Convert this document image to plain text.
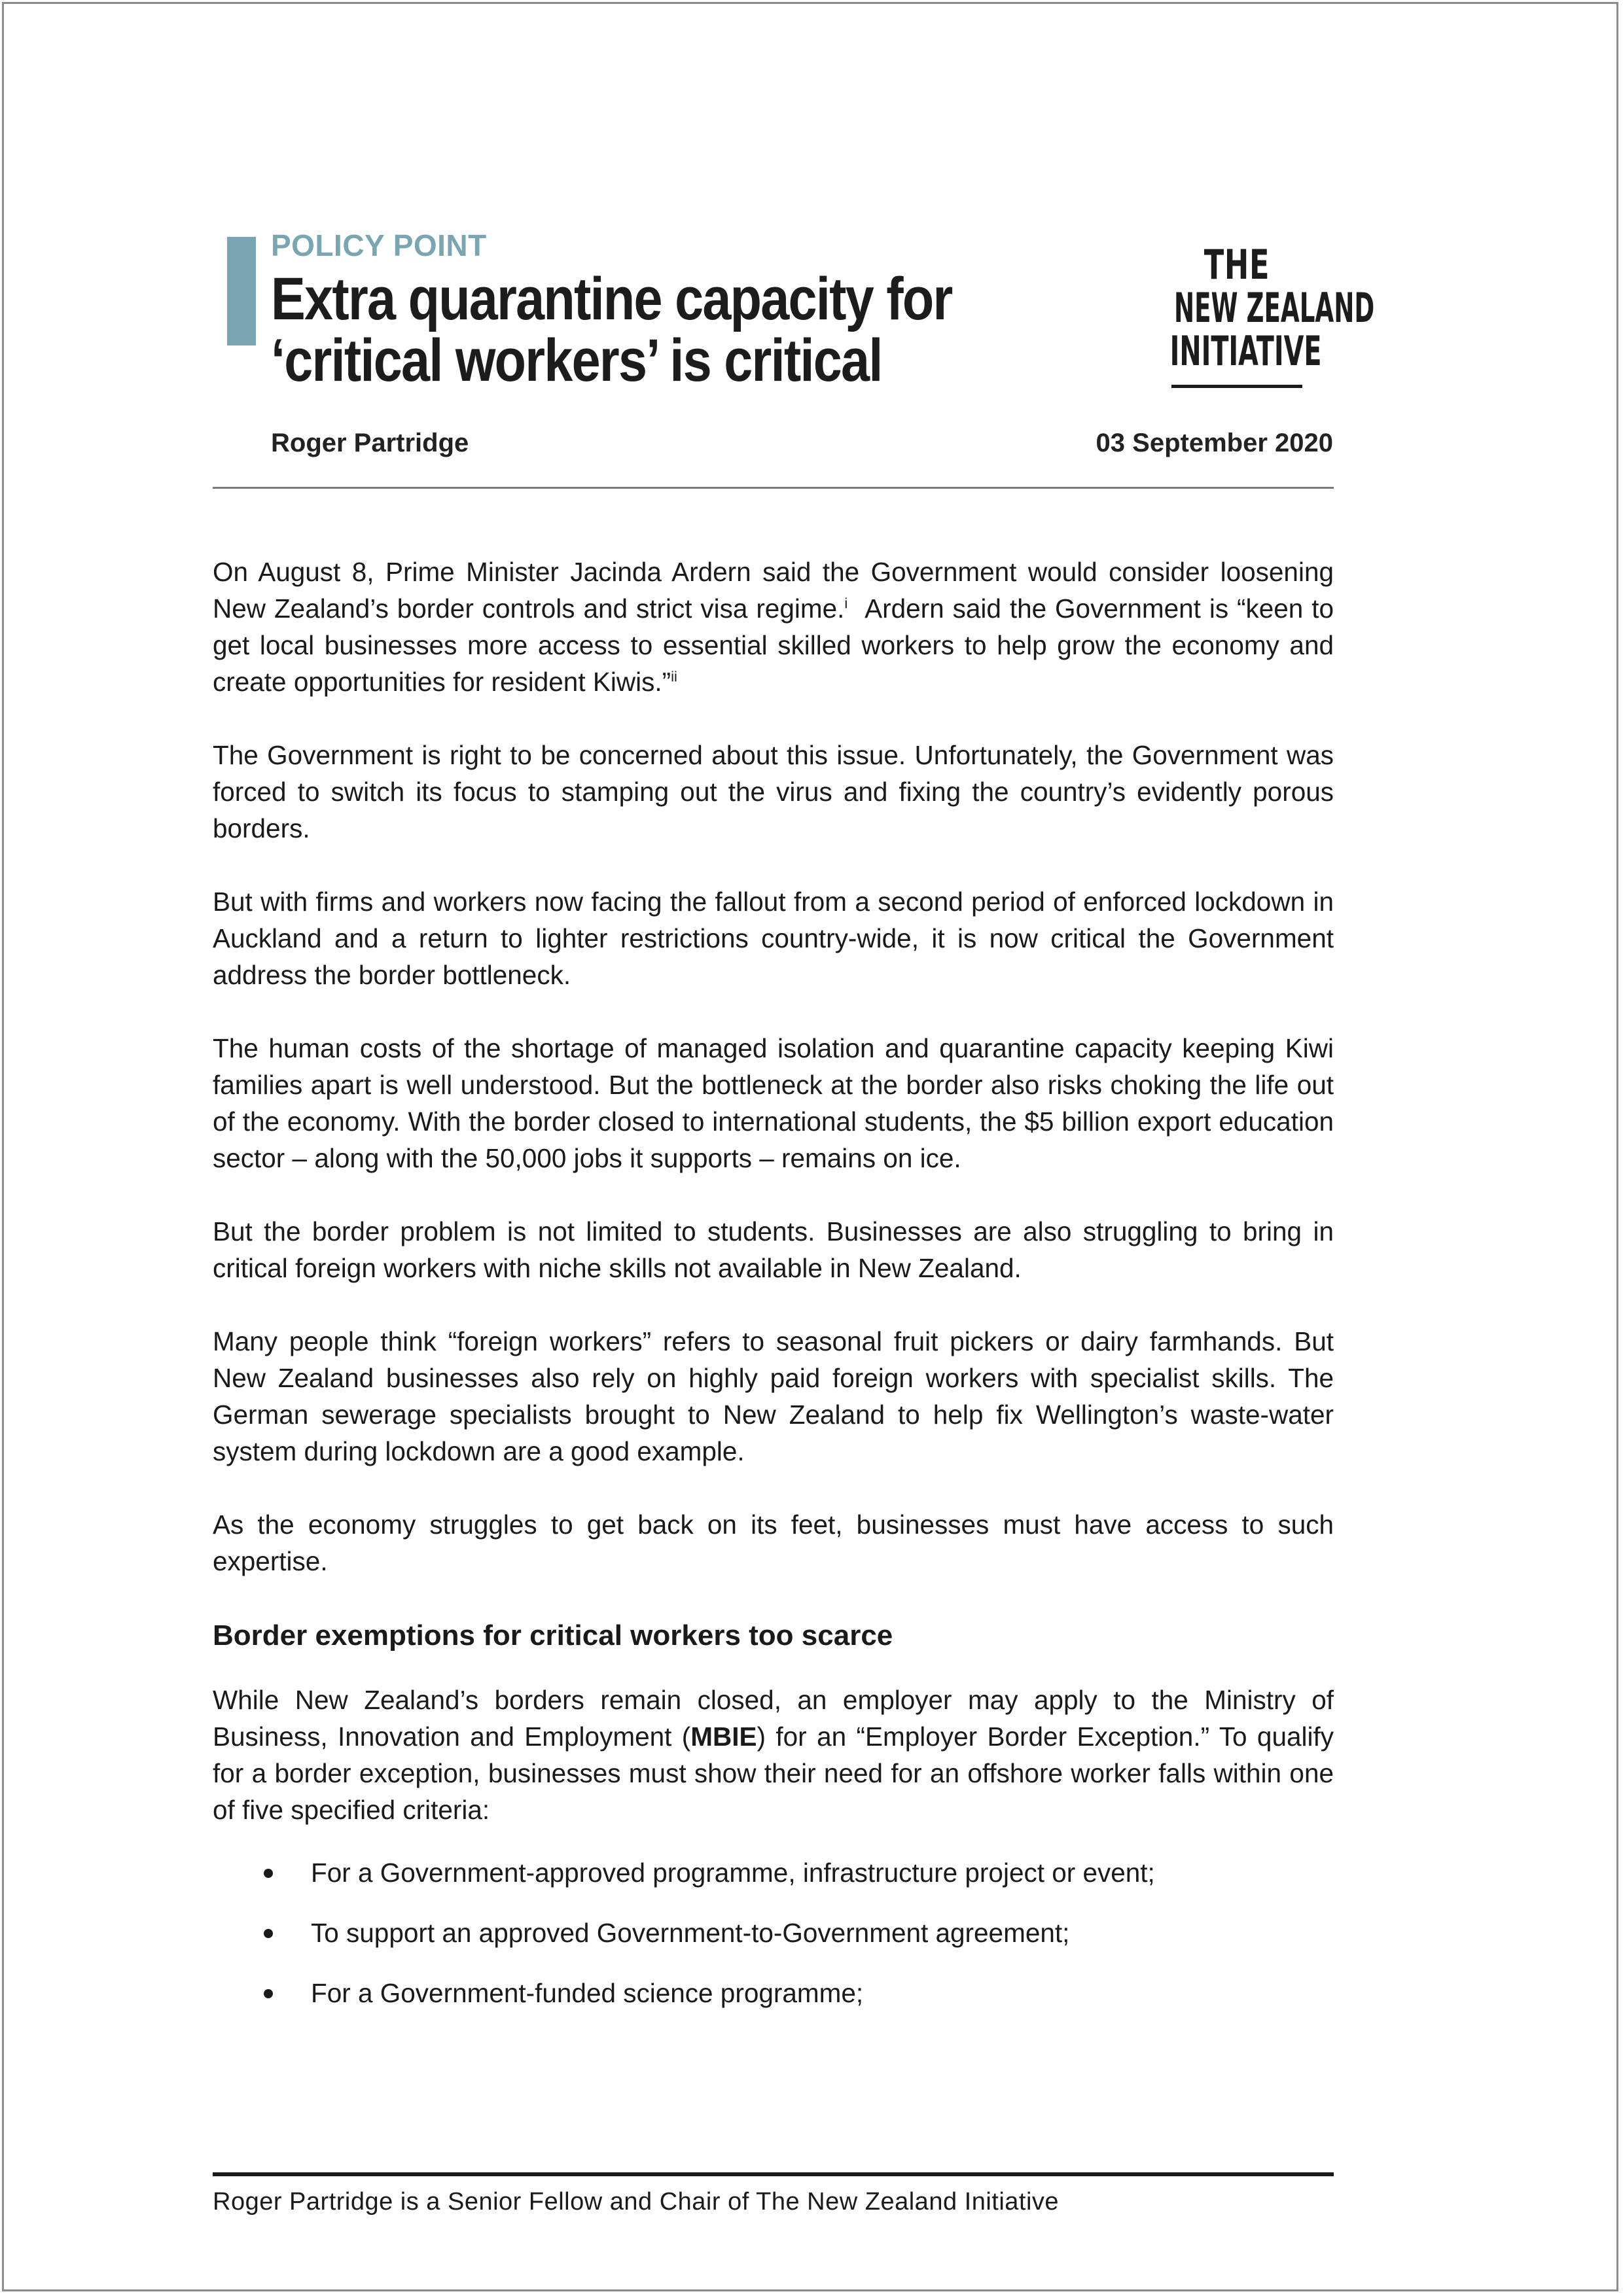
POLICY POINT
Extra quarantine capacity for
‘critical workers’ is critical
THE
NEW ZEALAND
INITIATIVE
Roger Partridge	03 September 2020

On August 8, Prime Minister Jacinda Ardern said the Government would consider loosening New Zealand’s border controls and strict visa regime.$^i$  Ardern said the Government is “keen to get local businesses more access to essential skilled workers to help grow the economy and create opportunities for resident Kiwis.”$^{ii}$

The Government is right to be concerned about this issue. Unfortunately, the Government was forced to switch its focus to stamping out the virus and fixing the country’s evidently porous borders.

But with firms and workers now facing the fallout from a second period of enforced lockdown in Auckland and a return to lighter restrictions country-wide, it is now critical the Government address the border bottleneck.

The human costs of the shortage of managed isolation and quarantine capacity keeping Kiwi families apart is well understood. But the bottleneck at the border also risks choking the life out of the economy. With the border closed to international students, the $5 billion export education sector – along with the 50,000 jobs it supports – remains on ice.

But the border problem is not limited to students. Businesses are also struggling to bring in critical foreign workers with niche skills not available in New Zealand.

Many people think “foreign workers” refers to seasonal fruit pickers or dairy farmhands. But New Zealand businesses also rely on highly paid foreign workers with specialist skills. The German sewerage specialists brought to New Zealand to help fix Wellington’s waste-water system during lockdown are a good example.

As the economy struggles to get back on its feet, businesses must have access to such expertise.

Border exemptions for critical workers too scarce

While New Zealand’s borders remain closed, an employer may apply to the Ministry of Business, Innovation and Employment (MBIE) for an “Employer Border Exception.” To qualify for a border exception, businesses must show their need for an offshore worker falls within one of five specified criteria:

For a Government-approved programme, infrastructure project or event;
To support an approved Government-to-Government agreement;
For a Government-funded science programme;
Roger Partridge is a Senior Fellow and Chair of The New Zealand Initiative
